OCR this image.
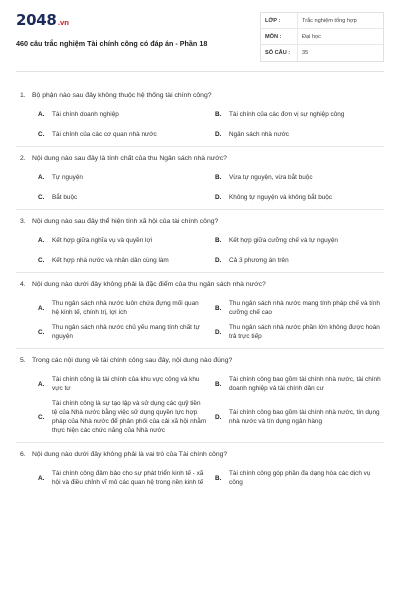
2048.vn
460 câu trắc nghiệm Tài chính công có đáp án - Phần 18
LỚP :	Trắc nghiệm tổng hợp
MÔN :	Đại học
SỐ CÂU :	35
1. Bộ phận nào sau đây không thuộc hệ thống tài chính công?
A.	Tài chính doanh nghiệp	B.	Tài chính của các đơn vị sự nghiệp công
C.	Tài chính của các cơ quan nhà nước	D.	Ngân sách nhà nước
2. Nội dung nào sau đây là tính chất của thu Ngân sách nhà nước?
A.	Tự nguyện	B.	Vừa tự nguyện, vừa bắt buộc
C.	Bắt buộc	D.	Không tự nguyện và không bắt buộc
3. Nội dung nào sau đây thể hiện tính xã hội của tài chính công?
A.	Kết hợp giữa nghĩa vụ và quyền lợi	B.	Kết hợp giữa cưỡng chế và tự nguyện
C.	Kết hợp nhà nước và nhân dân cùng làm	D.	Cả 3 phương án trên
4. Nội dung nào dưới đây không phải là đặc điểm của thu ngân sách nhà nước?
A.
Thu ngân sách nhà nước luôn chứa đựng mối quan hệ kinh tế, chính trị, lợi ích
B.
Thu ngân sách nhà nước mang tính pháp chế và tính cưỡng chế cao
C.
Thu ngân sách nhà nước chủ yếu mang tính chất tự nguyện
D.
Thu ngân sách nhà nước phần lớn không được hoàn trả trực tiếp
5. Trong các nội dung về tài chính công sau đây, nội dung nào đúng?
A.
Tài chính công là tài chính của khu vực công và khu vực tư
B.
Tài chính công bao gồm tài chính nhà nước, tài chính doanh nghiệp và tài chính dân cư
C.
Tài chính công là sự tạo lập và sử dụng các quỹ tiền tệ của Nhà nước bằng việc sử dụng quyền lực hợp pháp của Nhà nước để phân phối của cải xã hội nhằm thực hiện các chức năng của Nhà nước
D.
Tài chính công bao gồm tài chính nhà nước, tín dụng nhà nước và tín dụng ngân hàng
6. Nội dung nào dưới đây không phải là vai trò của Tài chính công?
A.
Tài chính công đảm bảo cho sự phát triển kinh tế - xã hội và điều chỉnh vĩ mô các quan hệ trong nền kinh tế
B.
Tài chính công góp phần đa dạng hóa các dịch vụ công
